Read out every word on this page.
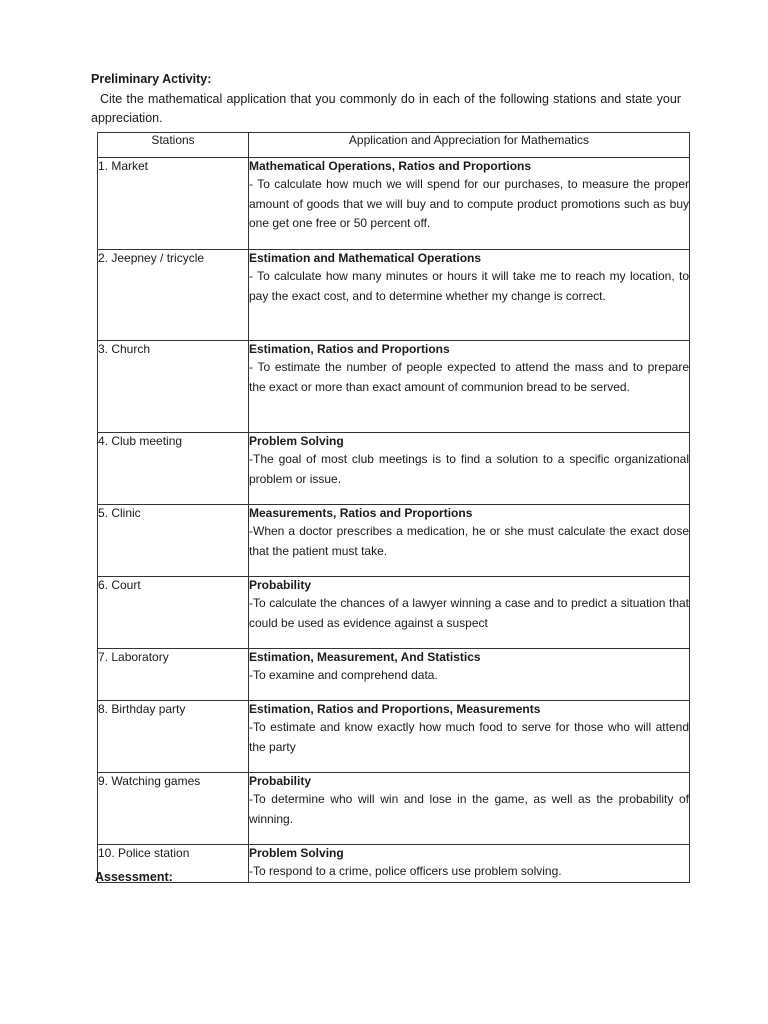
Preliminary Activity:

Cite the mathematical application that you commonly do in each of the following stations and state your appreciation.

Stations	Application and Appreciation for Mathematics
1. Market	Mathematical Operations, Ratios and Proportions

- To calculate how much we will spend for our purchases, to measure the proper amount of goods that we will buy and to compute product promotions such as buy one get one free or 50 percent off.

2. Jeepney / tricycle	Estimation and Mathematical Operations

- To calculate how many minutes or hours it will take me to reach my location, to pay the exact cost, and to determine whether my change is correct.

3. Church	Estimation, Ratios and Proportions

- To estimate the number of people expected to attend the mass and to prepare the exact or more than exact amount of communion bread to be served.

4. Club meeting	Problem Solving

-The goal of most club meetings is to find a solution to a specific organizational problem or issue.

5. Clinic	Measurements, Ratios and Proportions

-When a doctor prescribes a medication, he or she must calculate the exact dose that the patient must take.

6. Court	Probability

-To calculate the chances of a lawyer winning a case and to predict a situation that could be used as evidence against a suspect

7. Laboratory	Estimation, Measurement, And Statistics

-To examine and comprehend data.

8. Birthday party	Estimation, Ratios and Proportions, Measurements

-To estimate and know exactly how much food to serve for those who will attend the party

9. Watching games	Probability

-To determine who will win and lose in the game, as well as the probability of winning.

10. Police station	Problem Solving

-To respond to a crime, police officers use problem solving.

Assessment:
